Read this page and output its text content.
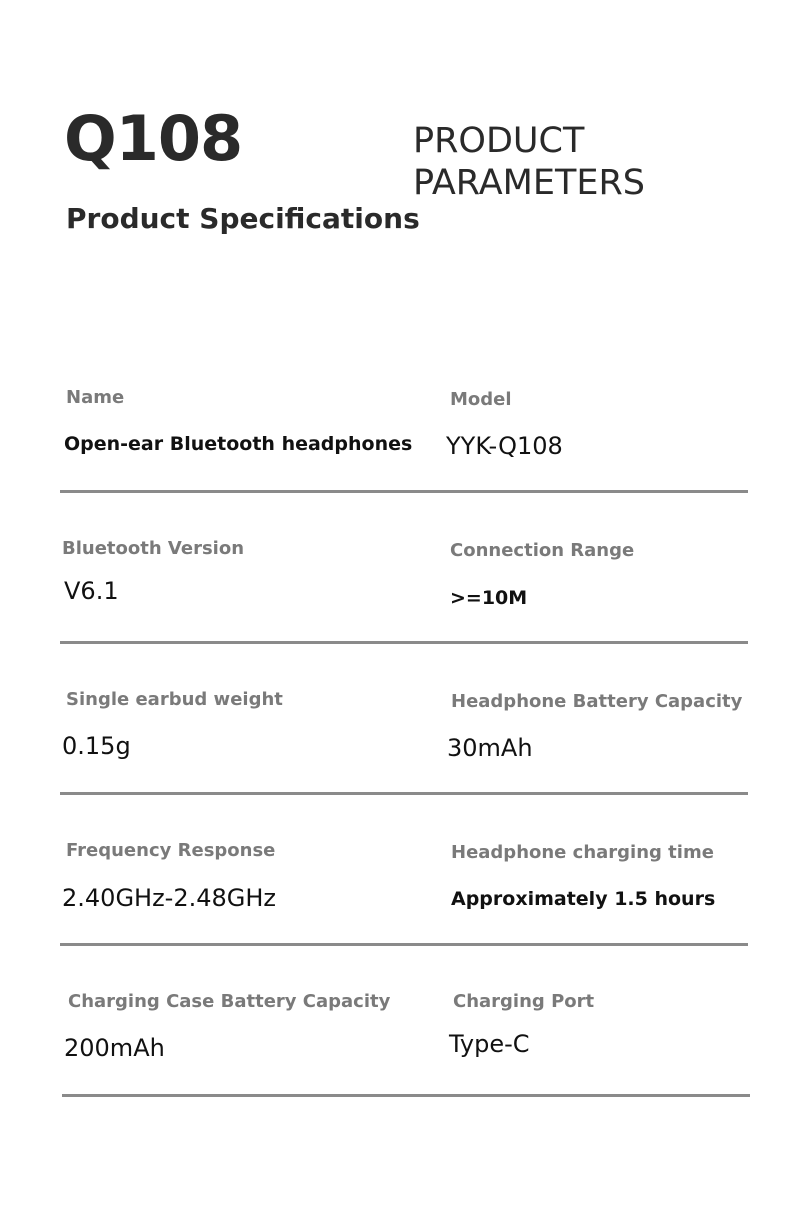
Q108
Product Specifications
PRODUCT
PARAMETERS
Name
Open-ear Bluetooth headphones
Model
YYK-Q108
Bluetooth Version
V6.1
Connection Range
>=10M
Single earbud weight
0.15g
Headphone Battery Capacity
30mAh
Frequency Response
2.40GHz-2.48GHz
Headphone charging time
Approximately 1.5 hours
Charging Case Battery Capacity
200mAh
Charging Port
Type-C
